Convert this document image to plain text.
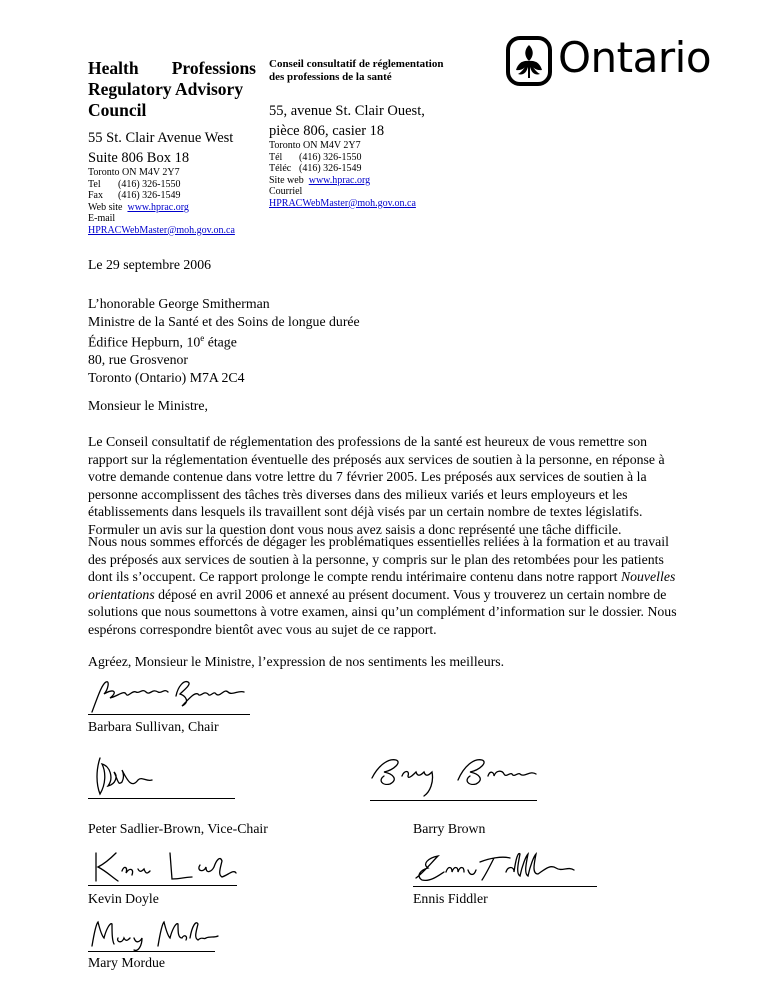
Health Professions
Regulatory Advisory
Council
55 St. Clair Avenue West
Suite 806 Box 18
Toronto ON M4V 2Y7
Tel (416) 326-1550
Fax (416) 326-1549
Web site www.hprac.org
E-mail
HPRACWebMaster@moh.gov.on.ca
Conseil consultatif de réglementation
des professions de la santé
55, avenue St. Clair Ouest,
pièce 806, casier 18
Toronto ON M4V 2Y7
Tél (416) 326-1550
Téléc (416) 326-1549
Site web www.hprac.org
Courriel
HPRACWebMaster@moh.gov.on.ca
Ontario
Le 29 septembre 2006
L’honorable George Smitherman
Ministre de la Santé et des Soins de longue durée
Édifice Hepburn, 10e étage
80, rue Grosvenor
Toronto (Ontario) M7A 2C4
Monsieur le Ministre,
Le Conseil consultatif de réglementation des professions de la santé est heureux de vous remettre son rapport sur la réglementation éventuelle des préposés aux services de soutien à la personne, en réponse à votre demande contenue dans votre lettre du 7 février 2005. Les préposés aux services de soutien à la personne accomplissent des tâches très diverses dans des milieux variés et leurs employeurs et les établissements dans lesquels ils travaillent sont déjà visés par un certain nombre de textes législatifs. Formuler un avis sur la question dont vous nous avez saisis a donc représenté une tâche difficile.
Nous nous sommes efforcés de dégager les problématiques essentielles reliées à la formation et au travail des préposés aux services de soutien à la personne, y compris sur le plan des retombées pour les patients dont ils s’occupent. Ce rapport prolonge le compte rendu intérimaire contenu dans notre rapport Nouvelles orientations déposé en avril 2006 et annexé au présent document. Vous y trouverez un certain nombre de solutions que nous soumettons à votre examen, ainsi qu’un complément d’information sur le dossier. Nous espérons correspondre bientôt avec vous au sujet de ce rapport.
Agréez, Monsieur le Ministre, l’expression de nos sentiments les meilleurs.
Barbara Sullivan, Chair
Peter Sadlier-Brown, Vice-Chair	Barry Brown
Kevin Doyle	Ennis Fiddler
Mary Mordue
